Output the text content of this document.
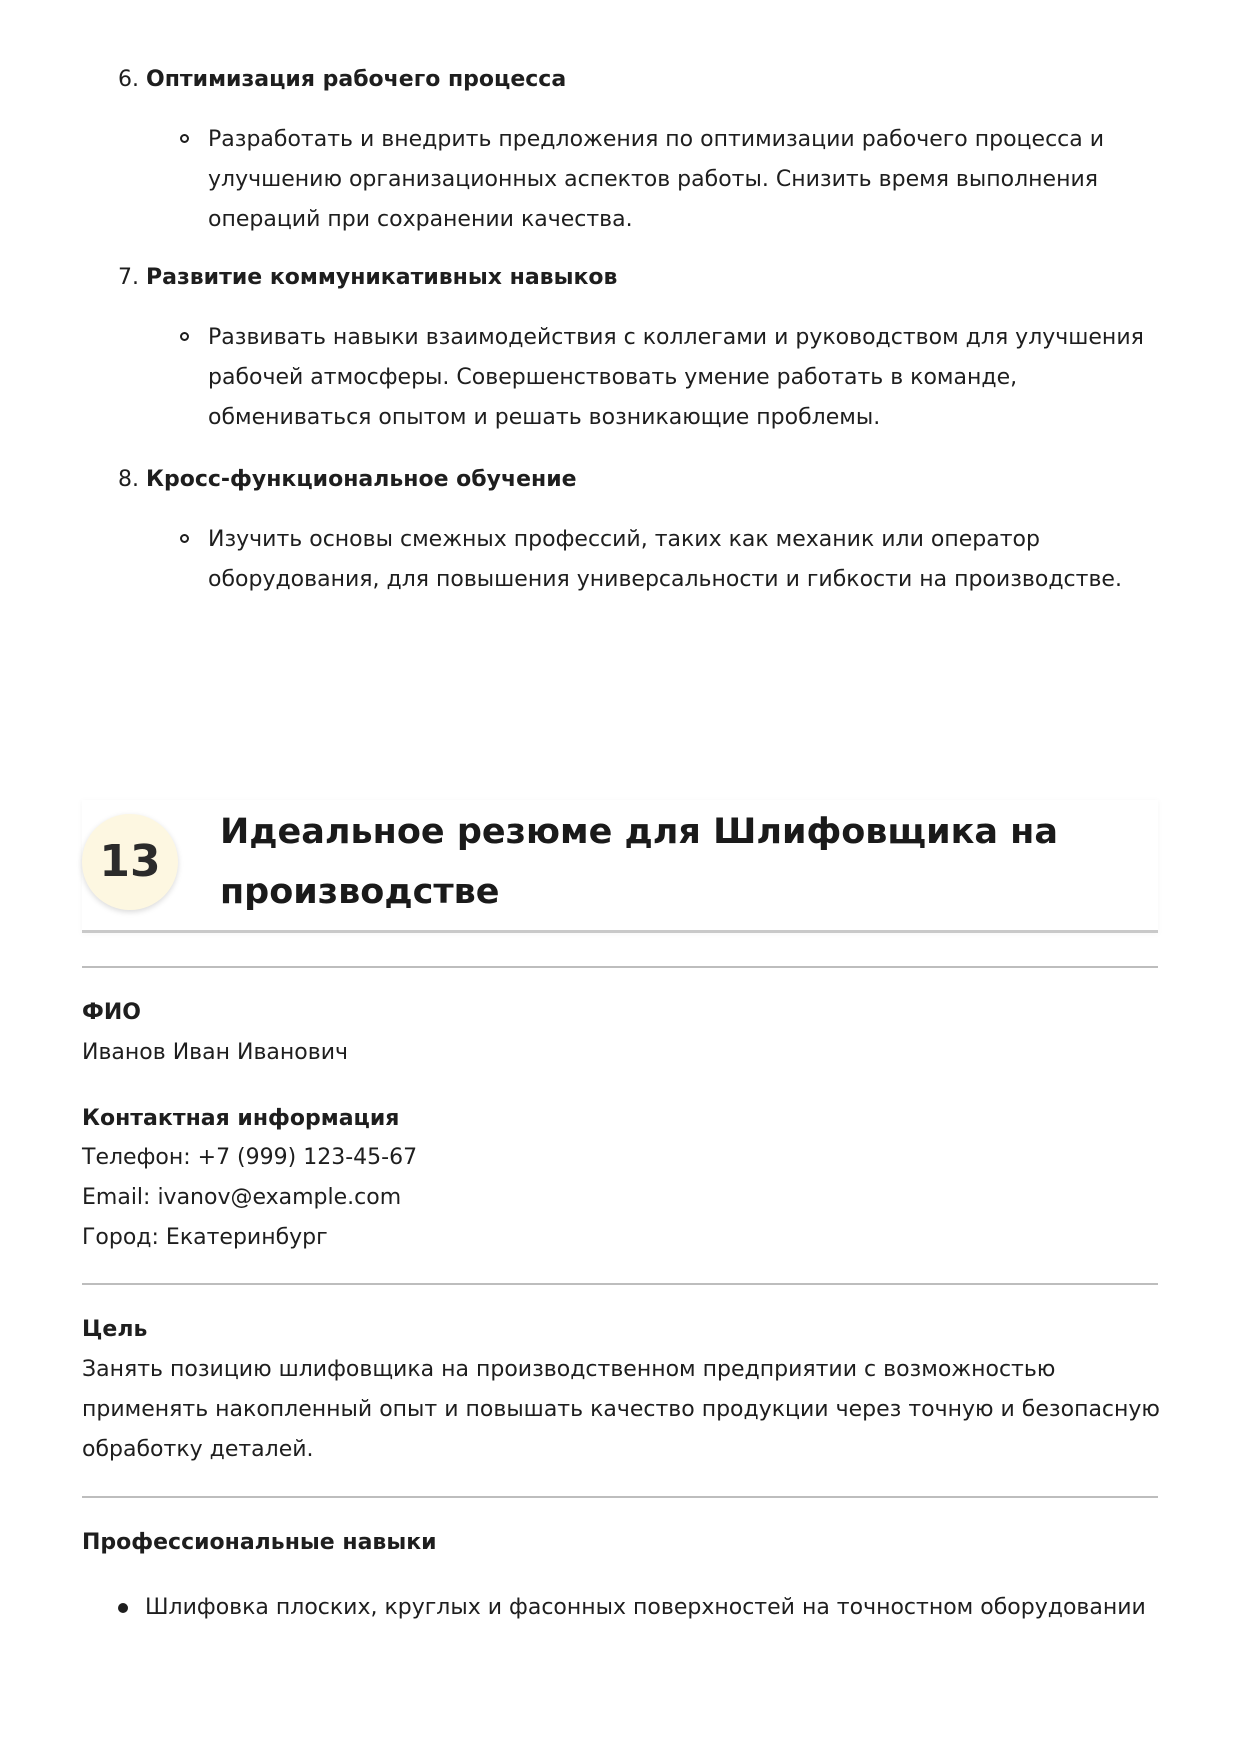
6. Оптимизация рабочего процесса
Разработать и внедрить предложения по оптимизации рабочего процесса и улучшению организационных аспектов работы. Снизить время выполнения операций при сохранении качества.
7. Развитие коммуникативных навыков
Развивать навыки взаимодействия с коллегами и руководством для улучшения рабочей атмосферы. Совершенствовать умение работать в команде, обмениваться опытом и решать возникающие проблемы.
8. Кросс-функциональное обучение
Изучить основы смежных профессий, таких как механик или оператор оборудования, для повышения универсальности и гибкости на производстве.
13
Идеальное резюме для Шлифовщика на производстве
ФИО
Иванов Иван Иванович
Контактная информация
Телефон: +7 (999) 123-45-67
Email: ivanov@example.com
Город: Екатеринбург
Цель
Занять позицию шлифовщика на производственном предприятии с возможностью применять накопленный опыт и повышать качество продукции через точную и безопасную обработку деталей.
Профессиональные навыки
Шлифовка плоских, круглых и фасонных поверхностей на точностном оборудовании
